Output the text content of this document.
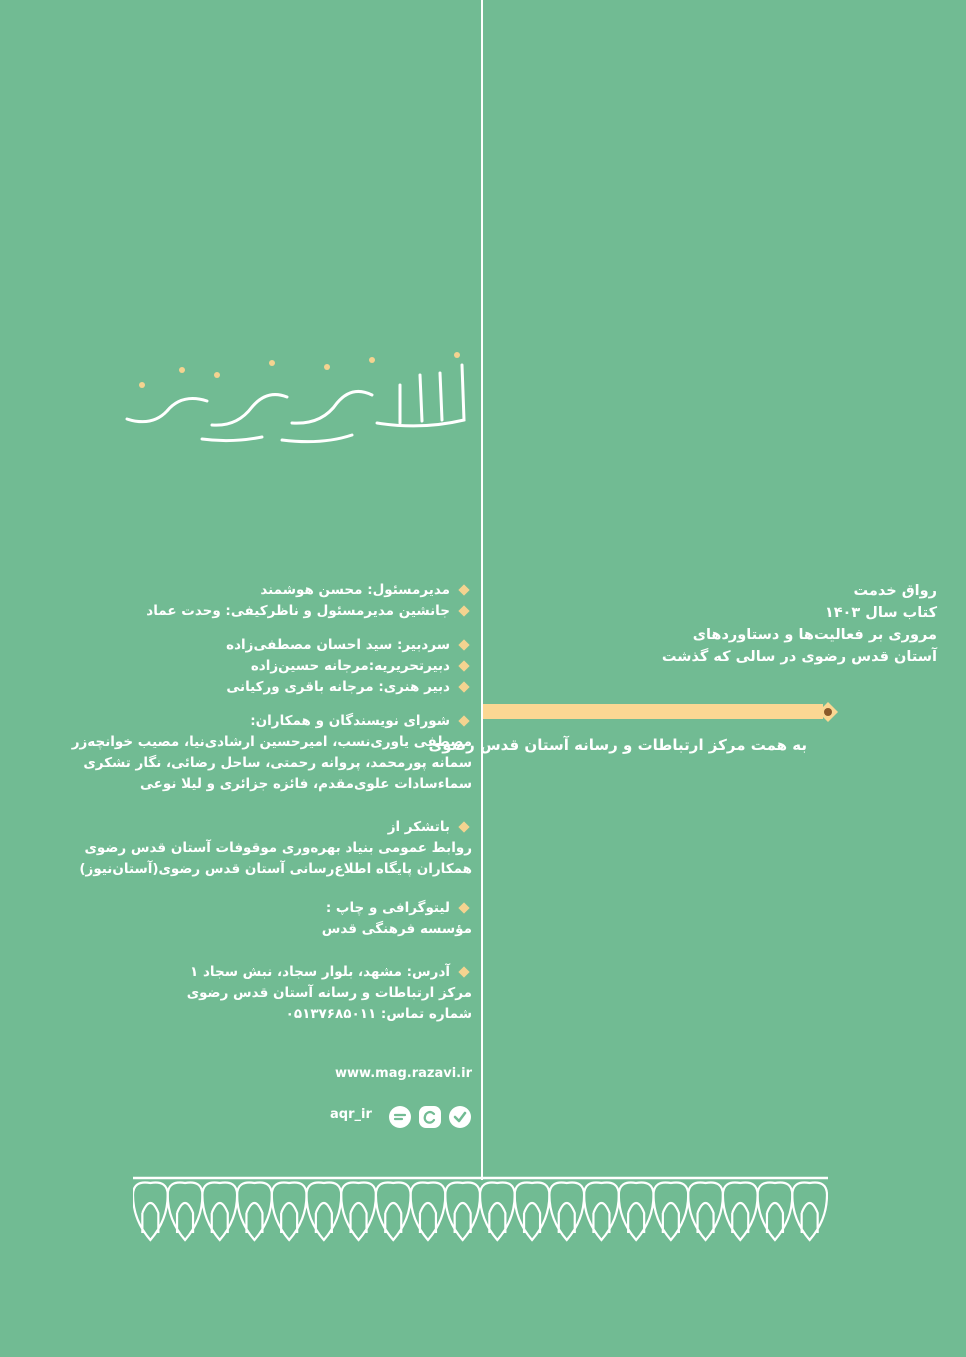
رواق خدمت
کتاب سال ۱۴۰۳
مروری بر فعالیت‌ها و دستاوردهای
آستان قدس رضوی در سالی که گذشت
به همت مرکز ارتباطات و رسانه آستان قدس رضوی
مدیرمسئول: محسن هوشمند
جانشین مدیرمسئول و ناظرکیفی: وحدت عماد
سردبیر: سید احسان مصطفی‌زاده
دبیرتحریریه:مرجانه حسین‌زاده
دبیر هنری: مرجانه باقری ورکیانی
شورای نویسندگان و همکاران:
مصطفی یاوری‌نسب، امیرحسین ارشادی‌نیا، مصیب خوانچه‌زر
سمانه پورمحمد، پروانه رحمتی، ساحل رضائی، نگار تشکری
سماء‌سادات علوی‌مقدم، فائزه جزائری و لیلا نوعی
باتشکر از
روابط عمومی بنیاد بهره‌وری موقوفات آستان قدس رضوی
همکاران پایگاه اطلاع‌رسانی آستان قدس رضوی(آستان‌نیوز)
لیتوگرافی و چاپ :
مؤسسه فرهنگی قدس
آدرس: مشهد، بلوار سجاد، نبش سجاد ۱
مرکز ارتباطات و رسانه آستان قدس رضوی
شماره تماس: ۰۵۱۳۷۶۸۵۰۱۱
www.mag.razavi.ir
aqr_ir
